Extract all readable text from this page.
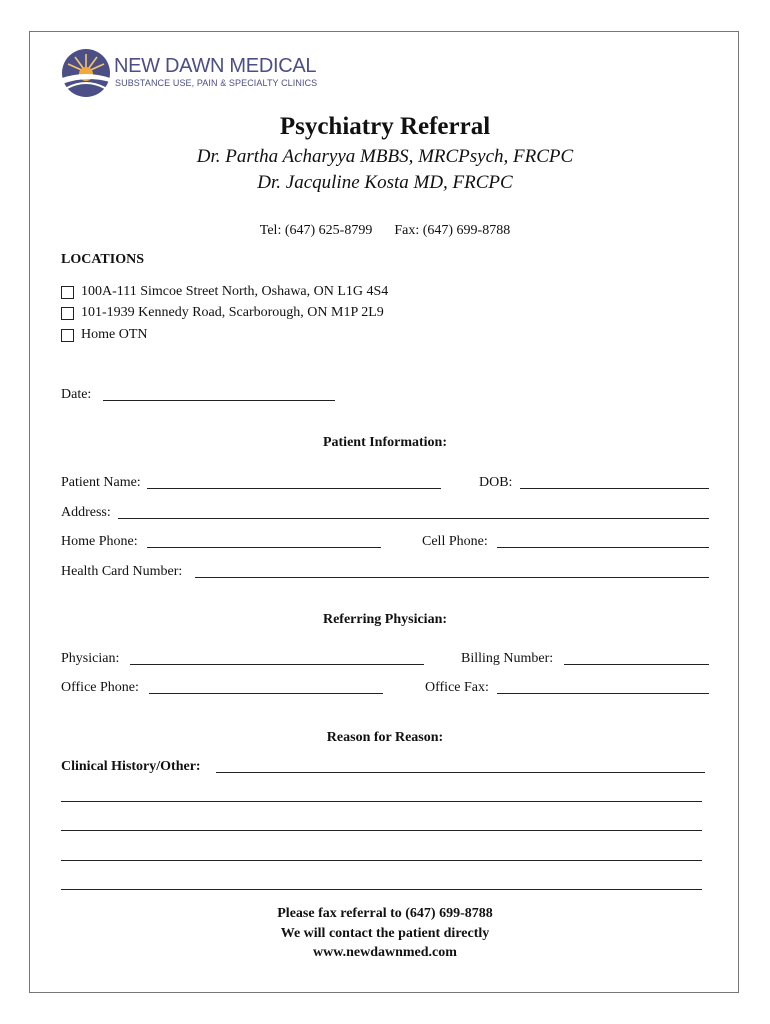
NEW DAWN MEDICAL
SUBSTANCE USE, PAIN & SPECIALTY CLINICS
Psychiatry Referral
Dr. Partha Acharyya MBBS, MRCPsych, FRCPC
Dr. Jacquline Kosta MD, FRCPC
Tel: (647) 625-8799 Fax: (647) 699-8788
LOCATIONS
100A-111 Simcoe Street North, Oshawa, ON L1G 4S4
101-1939 Kennedy Road, Scarborough, ON M1P 2L9
Home OTN
Date:
Patient Information:
Patient Name:	DOB:
Address:
Home Phone:	Cell Phone:
Health Card Number:
Referring Physician:
Physician:	Billing Number:
Office Phone:	Office Fax:
Reason for Reason:
Clinical History/Other:
Please fax referral to (647) 699-8788
We will contact the patient directly
www.newdawnmed.com
